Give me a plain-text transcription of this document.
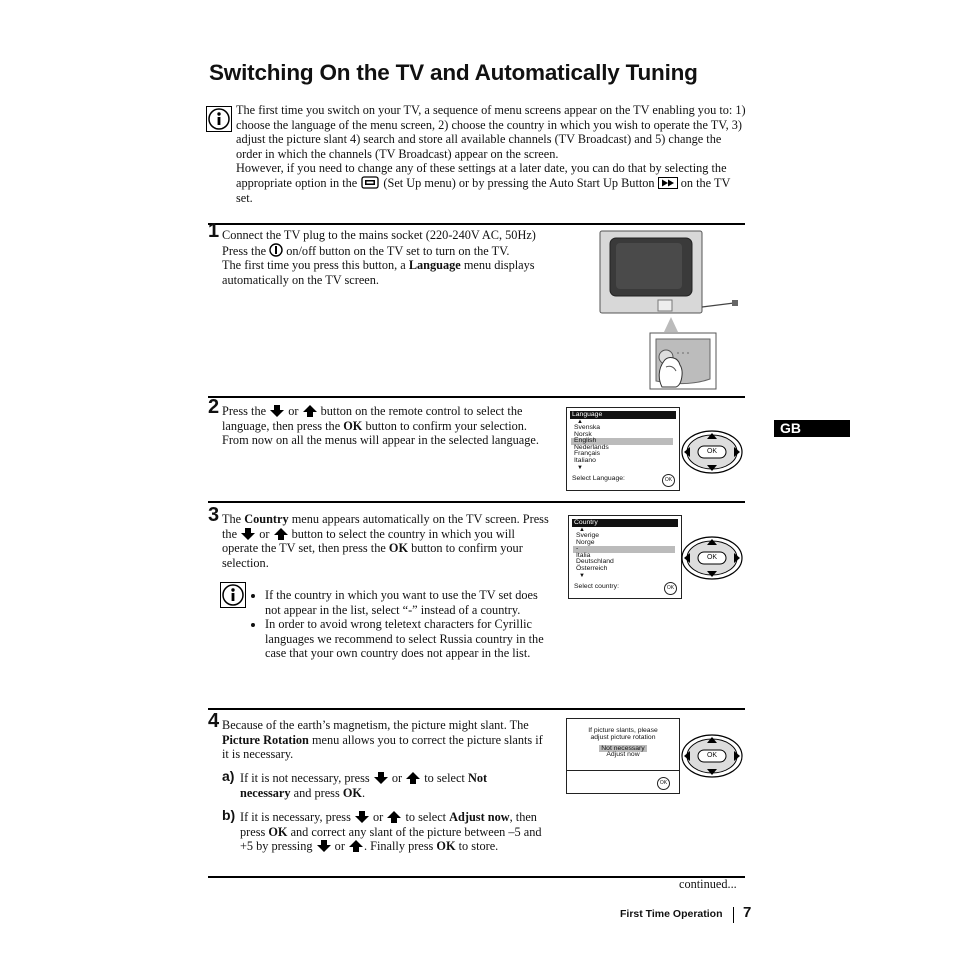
Switching On the TV and Automatically Tuning
The first time you switch on your TV, a sequence of menu screens appear on the TV enabling you to: 1) choose the language of the menu screen, 2) choose the country in which you wish to operate the TV, 3) adjust the picture slant 4) search and store all available channels (TV Broadcast) and 5) change the order in which the channels (TV Broadcast) appear on the screen.
However, if you need to change any of these settings at a later date, you can do that by selecting the appropriate option in the (Set Up menu) or by pressing the Auto Start Up Button on the TV set.
1 Connect the TV plug to the mains socket (220-240V AC, 50Hz)
Press the on/off button on the TV set to turn on the TV.
The first time you press this button, a Language menu displays automatically on the TV screen.
2 Press the or button on the remote control to select the language, then press the OK button to confirm your selection. From now on all the menus will appear in the selected language.
Language
▲
Svenska
Norsk
English
Nederlands
Français
Italiano
▼
Select Language:	OK
OK
3 The Country menu appears automatically on the TV screen. Press the or button to select the country in which you will operate the TV set, then press the OK button to confirm your selection.
• If the country in which you want to use the TV set does not appear in the list, select “-” instead of a country.
• In order to avoid wrong teletext characters for Cyrillic languages we recommend to select Russia country in the case that your own country does not appear in the list.
Country
▲
Sverige
Norge
-
Italia
Deutschland
Österreich
▼
Select country:	OK
OK
GB
4 Because of the earth’s magnetism, the picture might slant. The Picture Rotation menu allows you to correct the picture slants if it is necessary.
a) If it is not necessary, press or to select Not necessary and press OK.
b) If it is necessary, press or to select Adjust now, then press OK and correct any slant of the picture between –5 and +5 by pressing or . Finally press OK to store.
If picture slants, please
adjust picture rotation
Not necessary
Adjust now
OK
OK
continued...
First Time Operation 7
